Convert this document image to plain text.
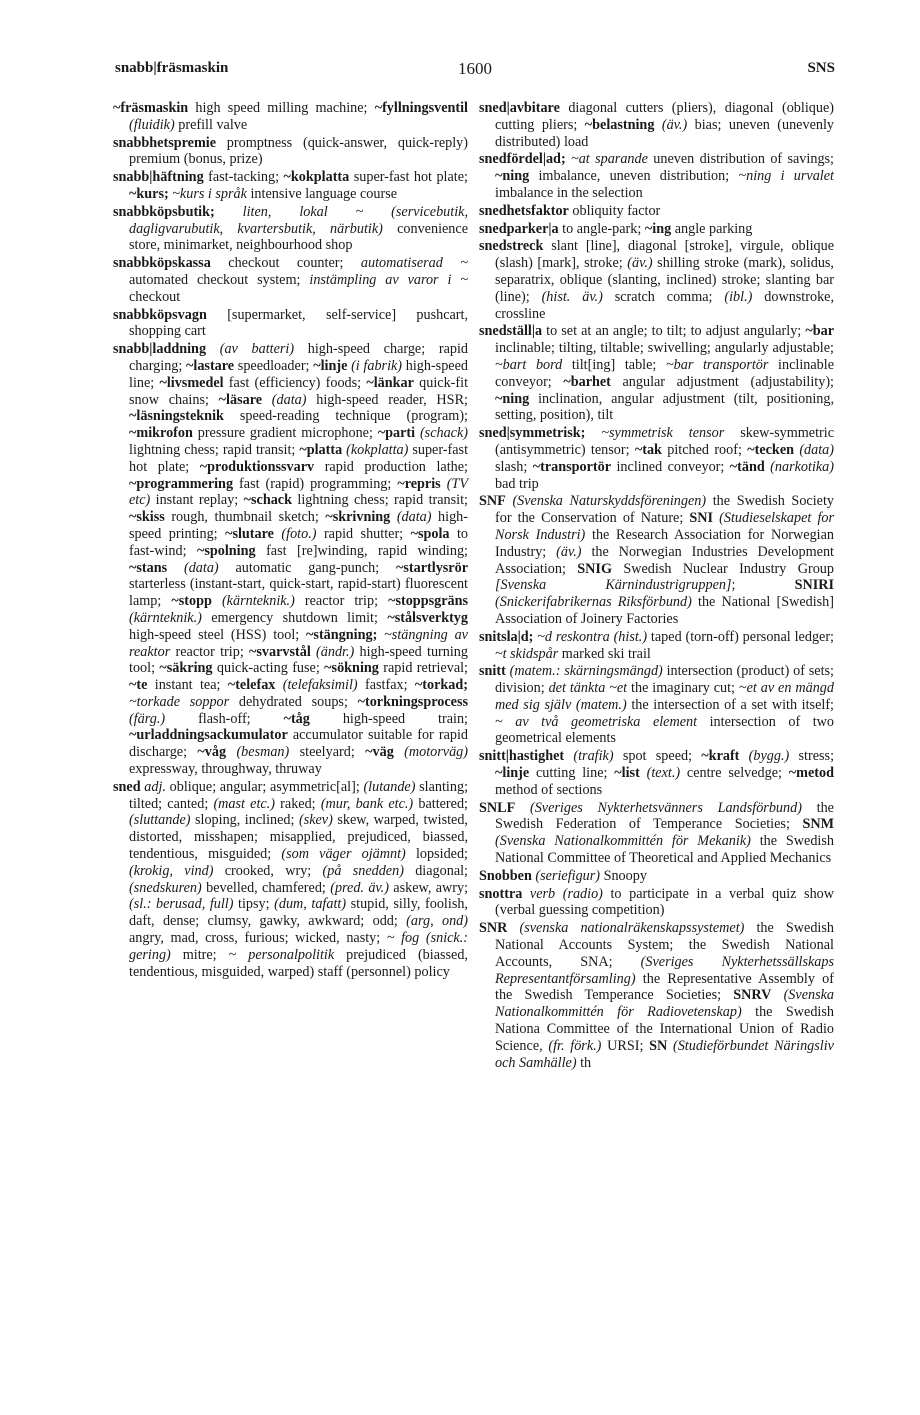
snabb|fräsmaskin	1600	SNS

~fräsmaskin high speed milling machine; ~fyllningsventil (fluidik) prefill valve

snabbhetspremie promptness (quick-answer, quick-reply) premium (bonus, prize)

snabb|häftning fast-tacking; ~kokplatta super-fast hot plate; ~kurs; ~kurs i språk intensive language course

snabbköpsbutik; liten, lokal ~ (servicebutik, dagligvarubutik, kvartersbutik, närbutik) convenience store, minimarket, neighbourhood shop

snabbköpskassa checkout counter; automatiserad ~ automated checkout system; instämpling av varor i ~ checkout

snabbköpsvagn [supermarket, self-service] pushcart, shopping cart

snabb|laddning (av batteri) high-speed charge; rapid charging; ~lastare speedloader; ~linje (i fabrik) high-speed line; ~livsmedel fast (efficiency) foods; ~länkar quick-fit snow chains; ~läsare (data) high-speed reader, HSR; ~läsningsteknik speed-reading technique (program); ~mikrofon pressure gradient microphone; ~parti (schack) lightning chess; rapid transit; ~platta (kokplatta) super-fast hot plate; ~produktionssvarv rapid production lathe; ~programmering fast (rapid) programming; ~repris (TV etc) instant replay; ~schack lightning chess; rapid transit; ~skiss rough, thumbnail sketch; ~skrivning (data) high-speed printing; ~slutare (foto.) rapid shutter; ~spola to fast-wind; ~spolning fast [re]winding, rapid winding; ~stans (data) automatic gang-punch; ~startlysrör starterless (instant-start, quick-start, rapid-start) fluorescent lamp; ~stopp (kärnteknik.) reactor trip; ~stoppsgräns (kärnteknik.) emergency shutdown limit; ~stålsverktyg high-speed steel (HSS) tool; ~stängning; ~stängning av reaktor reactor trip; ~svarvstål (ändr.) high-speed turning tool; ~säkring quick-acting fuse; ~sökning rapid retrieval; ~te instant tea; ~telefax (telefaksimil) fastfax; ~torkad; ~torkade soppor dehydrated soups; ~torkningsprocess (färg.) flash-off; ~tåg high-speed train; ~urladdningsackumulator accumulator suitable for rapid discharge; ~våg (besman) steelyard; ~väg (motorväg) expressway, throughway, thruway

sned adj. oblique; angular; asymmetric[al]; (lutande) slanting; tilted; canted; (mast etc.) raked; (mur, bank etc.) battered; (sluttande) sloping, inclined; (skev) skew, warped, twisted, distorted, misshapen; misapplied, prejudiced, biassed, tendentious, misguided; (som väger ojämnt) lopsided; (krokig, vind) crooked, wry; (på snedden) diagonal; (snedskuren) bevelled, chamfered; (pred. äv.) askew, awry; (sl.: berusad, full) tipsy; (dum, tafatt) stupid, silly, foolish, daft, dense; clumsy, gawky, awkward; odd; (arg, ond) angry, mad, cross, furious; wicked, nasty; ~ fog (snick.: gering) mitre; ~ personalpolitik prejudiced (biassed, tendentious, misguided, warped) staff (personnel) policy

sned|avbitare diagonal cutters (pliers), diagonal (oblique) cutting pliers; ~belastning (äv.) bias; uneven (unevenly distributed) load

snedfördel|ad; ~at sparande uneven distribution of savings; ~ning imbalance, uneven distribution; ~ning i urvalet imbalance in the selection

snedhetsfaktor obliquity factor

snedparker|a to angle-park; ~ing angle parking

snedstreck slant [line], diagonal [stroke], virgule, oblique (slash) [mark], stroke; (äv.) shilling stroke (mark), solidus, separatrix, oblique (slanting, inclined) stroke; slanting bar (line); (hist. äv.) scratch comma; (ibl.) downstroke, crossline

snedställ|a to set at an angle; to tilt; to adjust angularly; ~bar inclinable; tilting, tiltable; swivelling; angularly adjustable; ~bart bord tilt[ing] table; ~bar transportör inclinable conveyor; ~barhet angular adjustment (adjustability); ~ning inclination, angular adjustment (tilt, positioning, setting, position), tilt

sned|symmetrisk; ~symmetrisk tensor skew-symmetric (antisymmetric) tensor; ~tak pitched roof; ~tecken (data) slash; ~transportör inclined conveyor; ~tänd (narkotika) bad trip

SNF (Svenska Naturskyddsföreningen) the Swedish Society for the Conservation of Nature; SNI (Studieselskapet for Norsk Industri) the Research Association for Norwegian Industry; (äv.) the Norwegian Industries Development Association; SNIG Swedish Nuclear Industry Group [Svenska Kärnindustrigruppen]; SNIRI (Snickerifabrikernas Riksförbund) the National [Swedish] Association of Joinery Factories

snitsla|d; ~d reskontra (hist.) taped (torn-off) personal ledger; ~t skidspår marked ski trail

snitt (matem.: skärningsmängd) intersection (product) of sets; division; det tänkta ~et the imaginary cut; ~et av en mängd med sig själv (matem.) the intersection of a set with itself; ~ av två geometriska element intersection of two geometrical elements

snitt|hastighet (trafik) spot speed; ~kraft (bygg.) stress; ~linje cutting line; ~list (text.) centre selvedge; ~metod method of sections

SNLF (Sveriges Nykterhetsvänners Landsförbund) the Swedish Federation of Temperance Societies; SNM (Svenska Nationalkommittén för Mekanik) the Swedish National Committee of Theoretical and Applied Mechanics

Snobben (seriefigur) Snoopy

snottra verb (radio) to participate in a verbal quiz show (verbal guessing competition)

SNR (svenska nationalräkenskapssystemet) the Swedish National Accounts System; the Swedish National Accounts, SNA; (Sveriges Nykterhetssällskaps Representantförsamling) the Representative Assembly of the Swedish Temperance Societies; SNRV (Svenska Nationalkommittén för Radiovetenskap) the Swedish Nationa Committee of the International Union of Radio Science, (fr. förk.) URSI; SN (Studieförbundet Näringsliv och Samhälle) th
